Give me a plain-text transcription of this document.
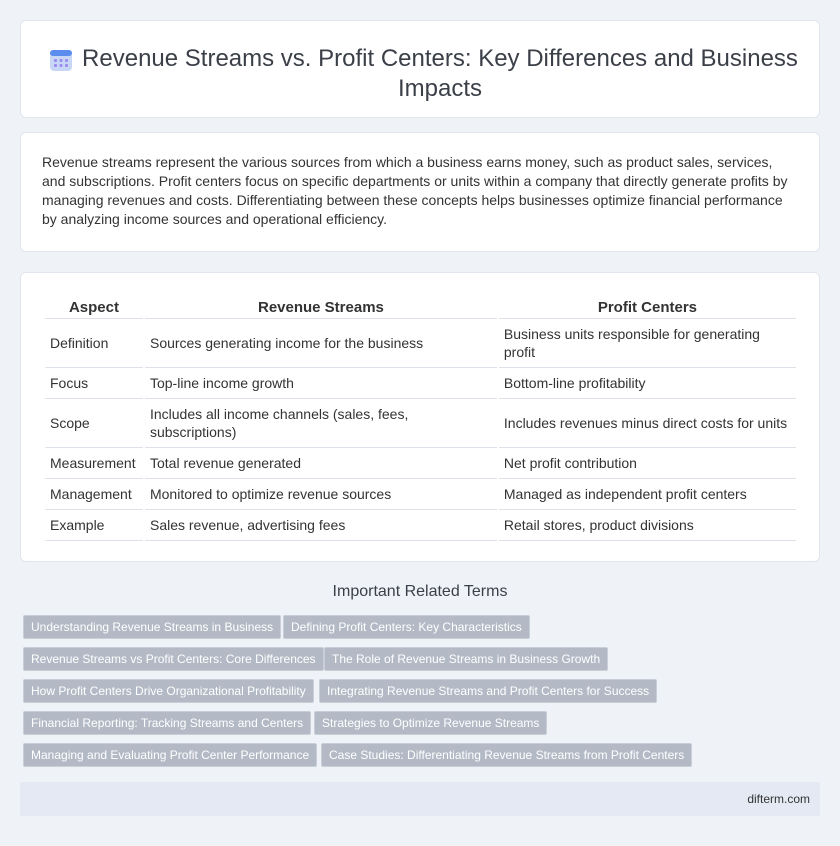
Revenue Streams vs. Profit Centers: Key Differences and Business Impacts

Revenue streams represent the various sources from which a business earns money, such as product sales, services, and subscriptions. Profit centers focus on specific departments or units within a company that directly generate profits by managing revenues and costs. Differentiating between these concepts helps businesses optimize financial performance by analyzing income sources and operational efficiency.

Aspect	Revenue Streams	Profit Centers
Definition	Sources generating income for the business	Business units responsible for generating profit
Focus	Top-line income growth	Bottom-line profitability
Scope	Includes all income channels (sales, fees, subscriptions)	Includes revenues minus direct costs for units
Measurement	Total revenue generated	Net profit contribution
Management	Monitored to optimize revenue sources	Managed as independent profit centers
Example	Sales revenue, advertising fees	Retail stores, product divisions
Important Related Terms
Understanding Revenue Streams in Business	Defining Profit Centers: Key Characteristics
Revenue Streams vs Profit Centers: Core Differences	The Role of Revenue Streams in Business Growth
How Profit Centers Drive Organizational Profitability	Integrating Revenue Streams and Profit Centers for Success
Financial Reporting: Tracking Streams and Centers	Strategies to Optimize Revenue Streams
Managing and Evaluating Profit Center Performance	Case Studies: Differentiating Revenue Streams from Profit Centers
difterm.com
